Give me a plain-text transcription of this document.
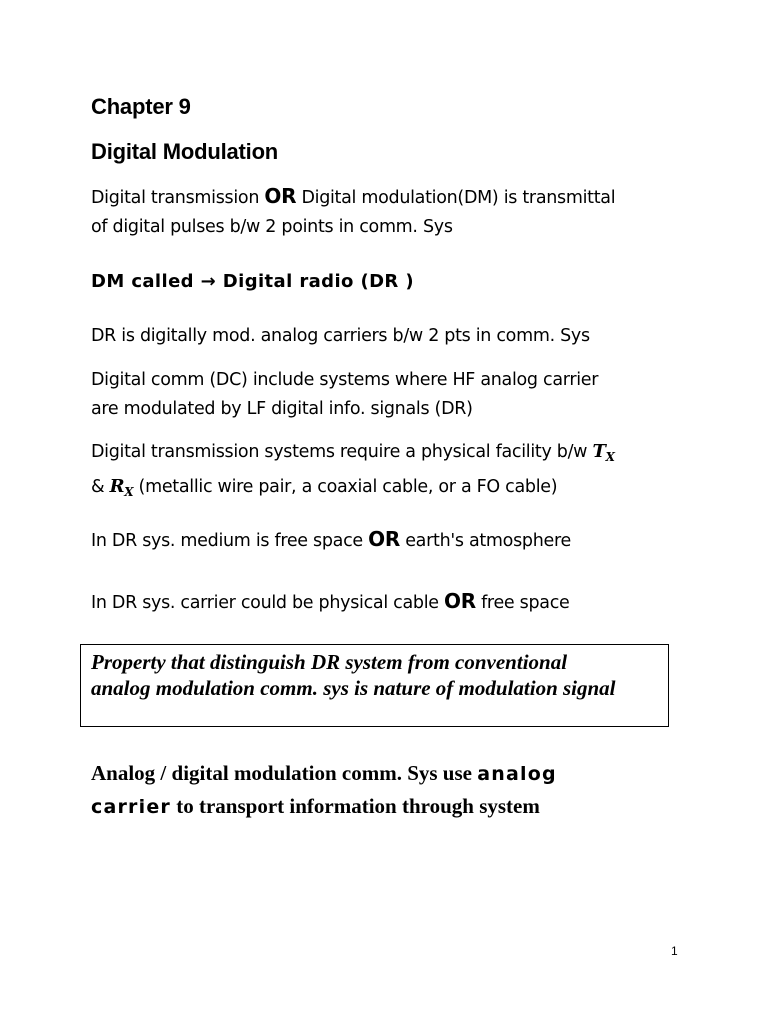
Chapter 9
Digital Modulation
Digital transmission OR Digital modulation(DM) is transmittal
of digital pulses b/w 2 points in comm. Sys
DM called → Digital radio (DR )
DR is digitally mod. analog carriers b/w 2 pts in comm. Sys
Digital comm (DC) include systems where HF analog carrier
are modulated by LF digital info. signals (DR)
Digital transmission systems require a physical facility b/w $T_X$
& $R_X$ (metallic wire pair, a coaxial cable, or a FO cable)
In DR sys. medium is free space OR earth's atmosphere
In DR sys. carrier could be physical cable OR free space
Property that distinguish DR system from conventional
analog modulation comm. sys is nature of modulation signal
Analog / digital modulation comm. Sys use analog
carrier to transport information through system
1
